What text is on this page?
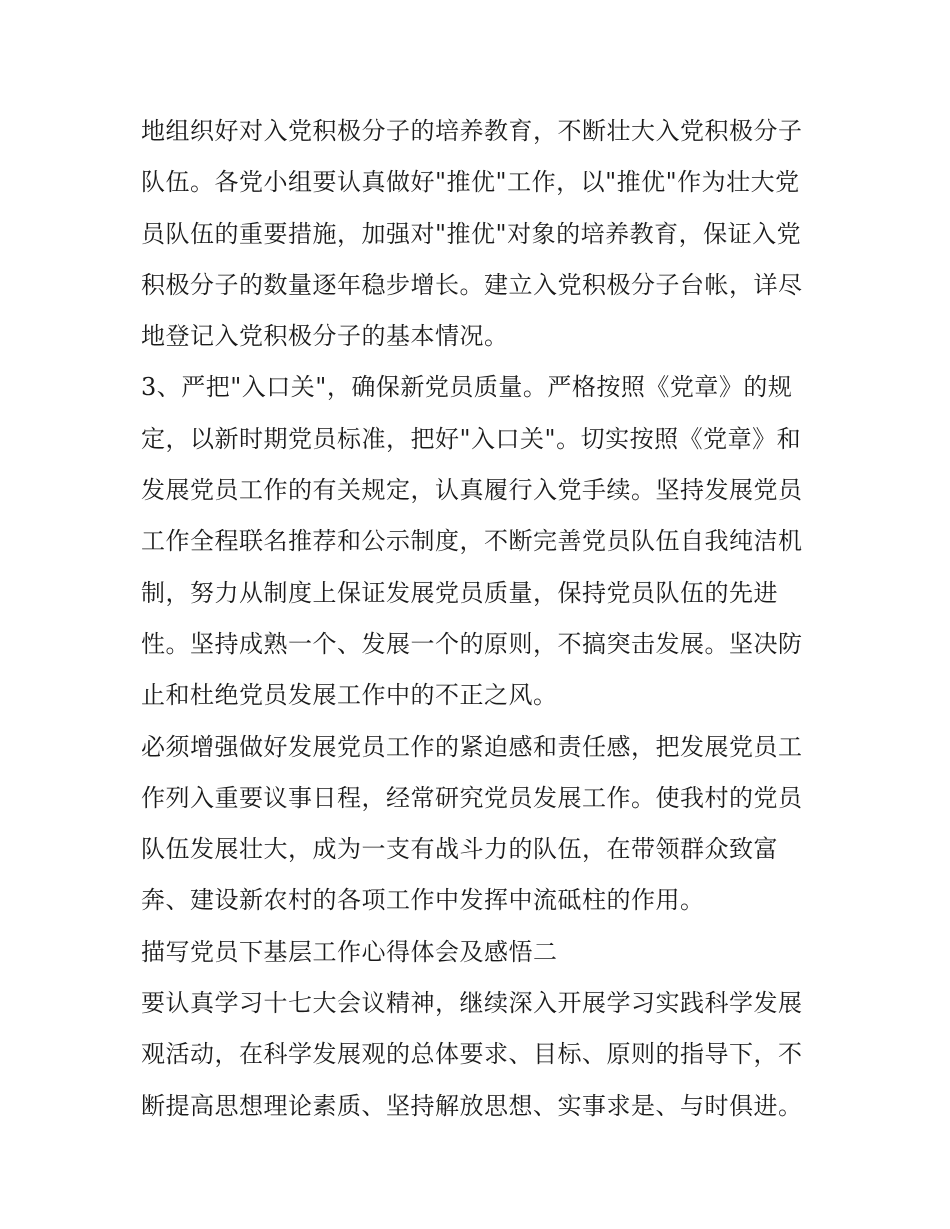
地组织好对入党积极分子的培养教育，不断壮大入党积极分子
队伍。各党小组要认真做好"推优"工作，以"推优"作为壮大党
员队伍的重要措施，加强对"推优"对象的培养教育，保证入党
积极分子的数量逐年稳步增长。建立入党积极分子台帐，详尽
地登记入党积极分子的基本情况。
3、严把"入口关"，确保新党员质量。严格按照《党章》的规
定，以新时期党员标准，把好"入口关"。切实按照《党章》和
发展党员工作的有关规定，认真履行入党手续。坚持发展党员
工作全程联名推荐和公示制度，不断完善党员队伍自我纯洁机
制，努力从制度上保证发展党员质量，保持党员队伍的先进
性。坚持成熟一个、发展一个的原则，不搞突击发展。坚决防
止和杜绝党员发展工作中的不正之风。
必须增强做好发展党员工作的紧迫感和责任感，把发展党员工
作列入重要议事日程，经常研究党员发展工作。使我村的党员
队伍发展壮大，成为一支有战斗力的队伍，在带领群众致富
奔、建设新农村的各项工作中发挥中流砥柱的作用。
描写党员下基层工作心得体会及感悟二
要认真学习十七大会议精神，继续深入开展学习实践科学发展
观活动，在科学发展观的总体要求、目标、原则的指导下，不
断提高思想理论素质、坚持解放思想、实事求是、与时俱进。
